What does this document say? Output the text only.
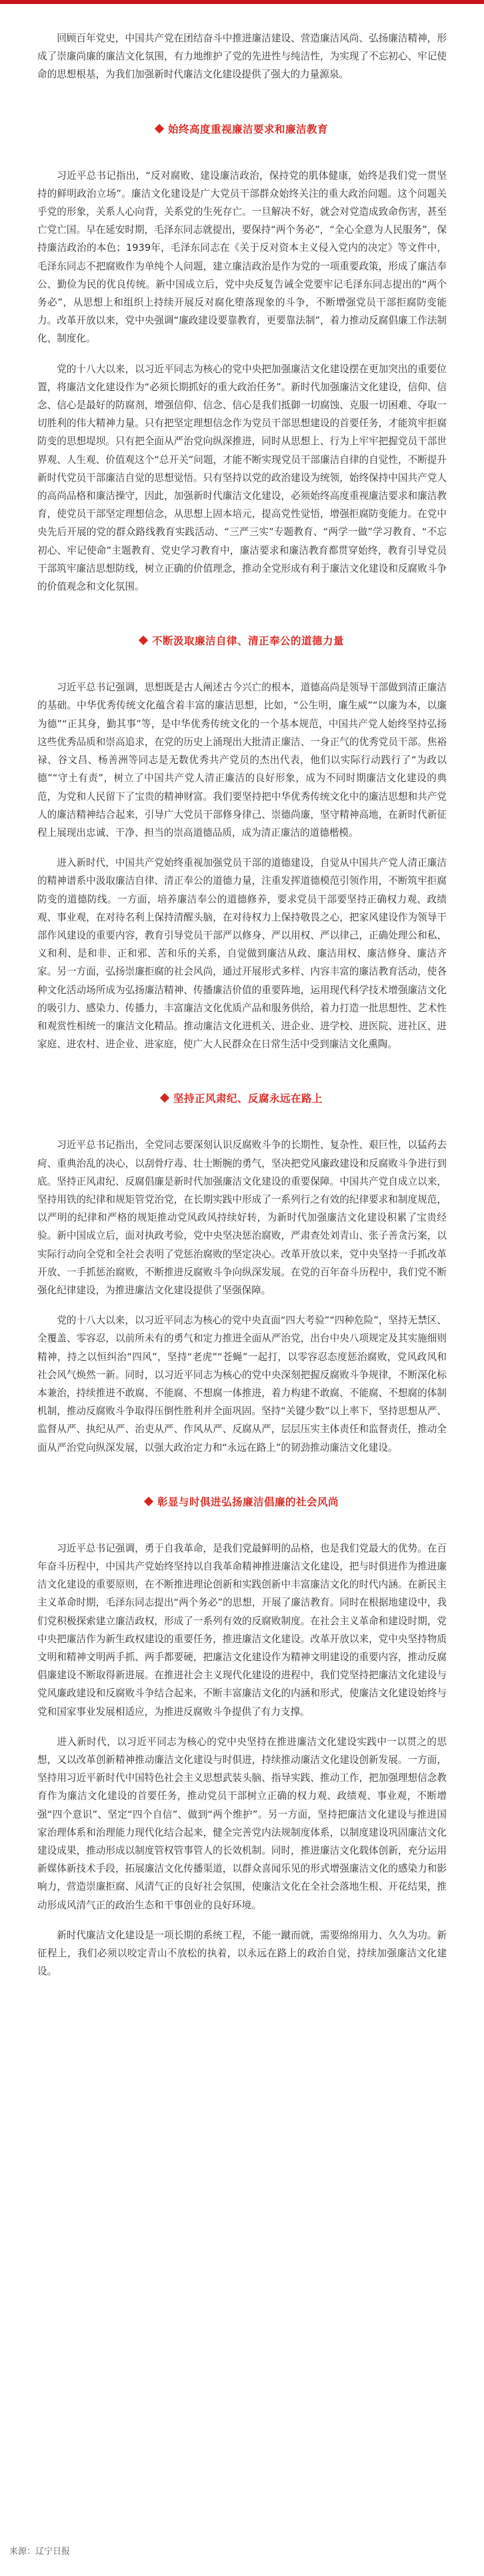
回顾百年党史，中国共产党在团结奋斗中推进廉洁建设、营造廉洁风尚、弘扬廉洁精神，形成了崇廉尚廉的廉洁文化氛围，有力地维护了党的先进性与纯洁性，为实现了不忘初心、牢记使命的思想根基，为我们加强新时代廉洁文化建设提供了强大的力量源泉。

始终高度重视廉洁要求和廉洁教育

习近平总书记指出，“反对腐败、建设廉洁政治，保持党的肌体健康，始终是我们党一贯坚持的鲜明政治立场”。廉洁文化建设是广大党员干部群众始终关注的重大政治问题。这个问题关乎党的形象，关系人心向背，关系党的生死存亡。一旦解决不好，就会对党造成致命伤害，甚至亡党亡国。早在延安时期，毛泽东同志就提出，要保持“两个务必”，“全心全意为人民服务”，保持廉洁政治的本色；1939年，毛泽东同志在《关于反对资本主义侵入党内的决定》等文件中，毛泽东同志不把腐败作为单纯个人问题，建立廉洁政治是作为党的一项重要政策，形成了廉洁奉公、勤俭为民的优良传统。新中国成立后，党中央反复告诫全党要牢记毛泽东同志提出的“两个务必”，从思想上和组织上持续开展反对腐化堕落现象的斗争，不断增强党员干部拒腐防变能力。改革开放以来，党中央强调“廉政建设要靠教育，更要靠法制”，着力推动反腐倡廉工作法制化、制度化。

党的十八大以来，以习近平同志为核心的党中央把加强廉洁文化建设摆在更加突出的重要位置，将廉洁文化建设作为“必须长期抓好的重大政治任务”。新时代加强廉洁文化建设，信仰、信念、信心是最好的防腐剂，增强信仰、信念、信心是我们抵御一切腐蚀、克服一切困难、夺取一切胜利的伟大精神力量。只有把坚定理想信念作为党员干部思想建设的首要任务，才能筑牢拒腐防变的思想堤坝。只有把全面从严治党向纵深推进，同时从思想上、行为上牢牢把握党员干部世界观、人生观、价值观这个“总开关”问题，才能不断实现党员干部廉洁自律的自觉性，不断提升新时代党员干部廉洁自觉的思想觉悟。只有坚持以党的政治建设为统领，始终保持中国共产党人的高尚品格和廉洁操守，因此，加强新时代廉洁文化建设，必须始终高度重视廉洁要求和廉洁教育，使党员干部坚定理想信念，从思想上固本培元，提高党性觉悟，增强拒腐防变能力。在党中央先后开展的党的群众路线教育实践活动、“三严三实”专题教育、“两学一做”学习教育、“不忘初心、牢记使命”主题教育、党史学习教育中，廉洁要求和廉洁教育都贯穿始终，教育引导党员干部筑牢廉洁思想防线，树立正确的价值理念，推动全党形成有利于廉洁文化建设和反腐败斗争的价值观念和文化氛围。

不断汲取廉洁自律、清正奉公的道德力量

习近平总书记强调，思想既是古人阐述古今兴亡的根本，道德高尚是领导干部做到清正廉洁的基础。中华优秀传统文化蕴含着丰富的廉洁思想，比如，“公生明，廉生威”“以廉为本，以廉为德”“正其身，勤其事”等，是中华优秀传统文化的一个基本规范，中国共产党人始终坚持弘扬这些优秀品质和崇高追求，在党的历史上涌现出大批清正廉洁、一身正气的优秀党员干部。焦裕禄、谷文昌、杨善洲等同志是无数优秀共产党员的杰出代表，他们以实际行动践行了“为政以德”“守土有责”，树立了中国共产党人清正廉洁的良好形象，成为不同时期廉洁文化建设的典范，为党和人民留下了宝贵的精神财富。我们要坚持把中华优秀传统文化中的廉洁思想和共产党人的廉洁精神结合起来，引导广大党员干部修身律己、崇德尚廉，坚守精神高地，在新时代新征程上展现出忠诚、干净、担当的崇高道德品质，成为清正廉洁的道德楷模。

进入新时代，中国共产党始终重视加强党员干部的道德建设，自觉从中国共产党人清正廉洁的精神谱系中汲取廉洁自律、清正奉公的道德力量，注重发挥道德模范引领作用，不断筑牢拒腐防变的道德防线。一方面，培养廉洁奉公的道德修养，要求党员干部要坚持正确权力观、政绩观、事业观，在对待名利上保持清醒头脑，在对待权力上保持敬畏之心，把家风建设作为领导干部作风建设的重要内容，教育引导党员干部严以修身、严以用权、严以律己，正确处理公和私、义和利、是和非、正和邪、苦和乐的关系，自觉做到廉洁从政、廉洁用权、廉洁修身、廉洁齐家。另一方面，弘扬崇廉拒腐的社会风尚，通过开展形式多样、内容丰富的廉洁教育活动，使各种文化活动场所成为弘扬廉洁精神、传播廉洁价值的重要阵地，运用现代科学技术增强廉洁文化的吸引力、感染力、传播力，丰富廉洁文化优质产品和服务供给，着力打造一批思想性、艺术性和观赏性相统一的廉洁文化精品。推动廉洁文化进机关、进企业、进学校、进医院、进社区、进家庭、进农村、进企业、进家庭，使广大人民群众在日常生活中受到廉洁文化熏陶。

坚持正风肃纪、反腐永远在路上

习近平总书记指出，全党同志要深刻认识反腐败斗争的长期性、复杂性、艰巨性，以猛药去疴、重典治乱的决心，以刮骨疗毒、壮士断腕的勇气，坚决把党风廉政建设和反腐败斗争进行到底。坚持正风肃纪、反腐倡廉是新时代加强廉洁文化建设的重要保障。中国共产党自成立以来，坚持用铁的纪律和规矩管党治党，在长期实践中形成了一系列行之有效的纪律要求和制度规范，以严明的纪律和严格的规矩推动党风政风持续好转，为新时代加强廉洁文化建设积累了宝贵经验。新中国成立后，面对执政考验，党中央坚决惩治腐败，严肃查处刘青山、张子善贪污案，以实际行动向全党和全社会表明了党惩治腐败的坚定决心。改革开放以来，党中央坚持一手抓改革开放、一手抓惩治腐败，不断推进反腐败斗争向纵深发展。在党的百年奋斗历程中，我们党不断强化纪律建设，为推进廉洁文化建设提供了坚强保障。

党的十八大以来，以习近平同志为核心的党中央直面“四大考验”“四种危险”，坚持无禁区、全覆盖、零容忍，以前所未有的勇气和定力推进全面从严治党，出台中央八项规定及其实施细则精神，持之以恒纠治“四风”，坚持“老虎”“苍蝇”一起打，以零容忍态度惩治腐败，党风政风和社会风气焕然一新。同时，以习近平同志为核心的党中央深刻把握反腐败斗争规律，不断深化标本兼治，持续推进不敢腐、不能腐、不想腐一体推进，着力构建不敢腐、不能腐、不想腐的体制机制，推动反腐败斗争取得压倒性胜利并全面巩固。坚持“关键少数”以上率下，坚持思想从严、监督从严、执纪从严、治吏从严、作风从严、反腐从严，层层压实主体责任和监督责任，推动全面从严治党向纵深发展，以强大政治定力和“永远在路上”的韧劲推动廉洁文化建设。

彰显与时俱进弘扬廉洁倡廉的社会风尚

习近平总书记强调，勇于自我革命，是我们党最鲜明的品格，也是我们党最大的优势。在百年奋斗历程中，中国共产党始终坚持以自我革命精神推进廉洁文化建设，把与时俱进作为推进廉洁文化建设的重要原则，在不断推进理论创新和实践创新中丰富廉洁文化的时代内涵。在新民主主义革命时期，毛泽东同志提出“两个务必”的思想，开展了廉洁教育。同时在根据地建设中，我们党积极探索建立廉洁政权，形成了一系列有效的反腐败制度。在社会主义革命和建设时期，党中央把廉洁作为新生政权建设的重要任务，推进廉洁文化建设。改革开放以来，党中央坚持物质文明和精神文明两手抓、两手都要硬，把廉洁文化建设作为精神文明建设的重要内容，推动反腐倡廉建设不断取得新进展。在推进社会主义现代化建设的进程中，我们党坚持把廉洁文化建设与党风廉政建设和反腐败斗争结合起来，不断丰富廉洁文化的内涵和形式，使廉洁文化建设始终与党和国家事业发展相适应，为推进反腐败斗争提供了有力支撑。

进入新时代，以习近平同志为核心的党中央坚持在推进廉洁文化建设实践中一以贯之的思想，又以改革创新精神推动廉洁文化建设与时俱进，持续推动廉洁文化建设创新发展。一方面，坚持用习近平新时代中国特色社会主义思想武装头脑、指导实践、推动工作，把加强理想信念教育作为廉洁文化建设的首要任务，推动党员干部树立正确的权力观、政绩观、事业观，不断增强“四个意识”、坚定“四个自信”、做到“两个维护”。另一方面，坚持把廉洁文化建设与推进国家治理体系和治理能力现代化结合起来，健全完善党内法规制度体系，以制度建设巩固廉洁文化建设成果，推动形成以制度管权管事管人的长效机制。同时，推进廉洁文化载体创新，充分运用新媒体新技术手段，拓展廉洁文化传播渠道，以群众喜闻乐见的形式增强廉洁文化的感染力和影响力，营造崇廉拒腐、风清气正的良好社会氛围，使廉洁文化在全社会落地生根、开花结果，推动形成风清气正的政治生态和干事创业的良好环境。

新时代廉洁文化建设是一项长期的系统工程，不能一蹴而就，需要绵绵用力、久久为功。新征程上，我们必须以咬定青山不放松的执着，以永远在路上的政治自觉，持续加强廉洁文化建设。

来源：辽宁日报
